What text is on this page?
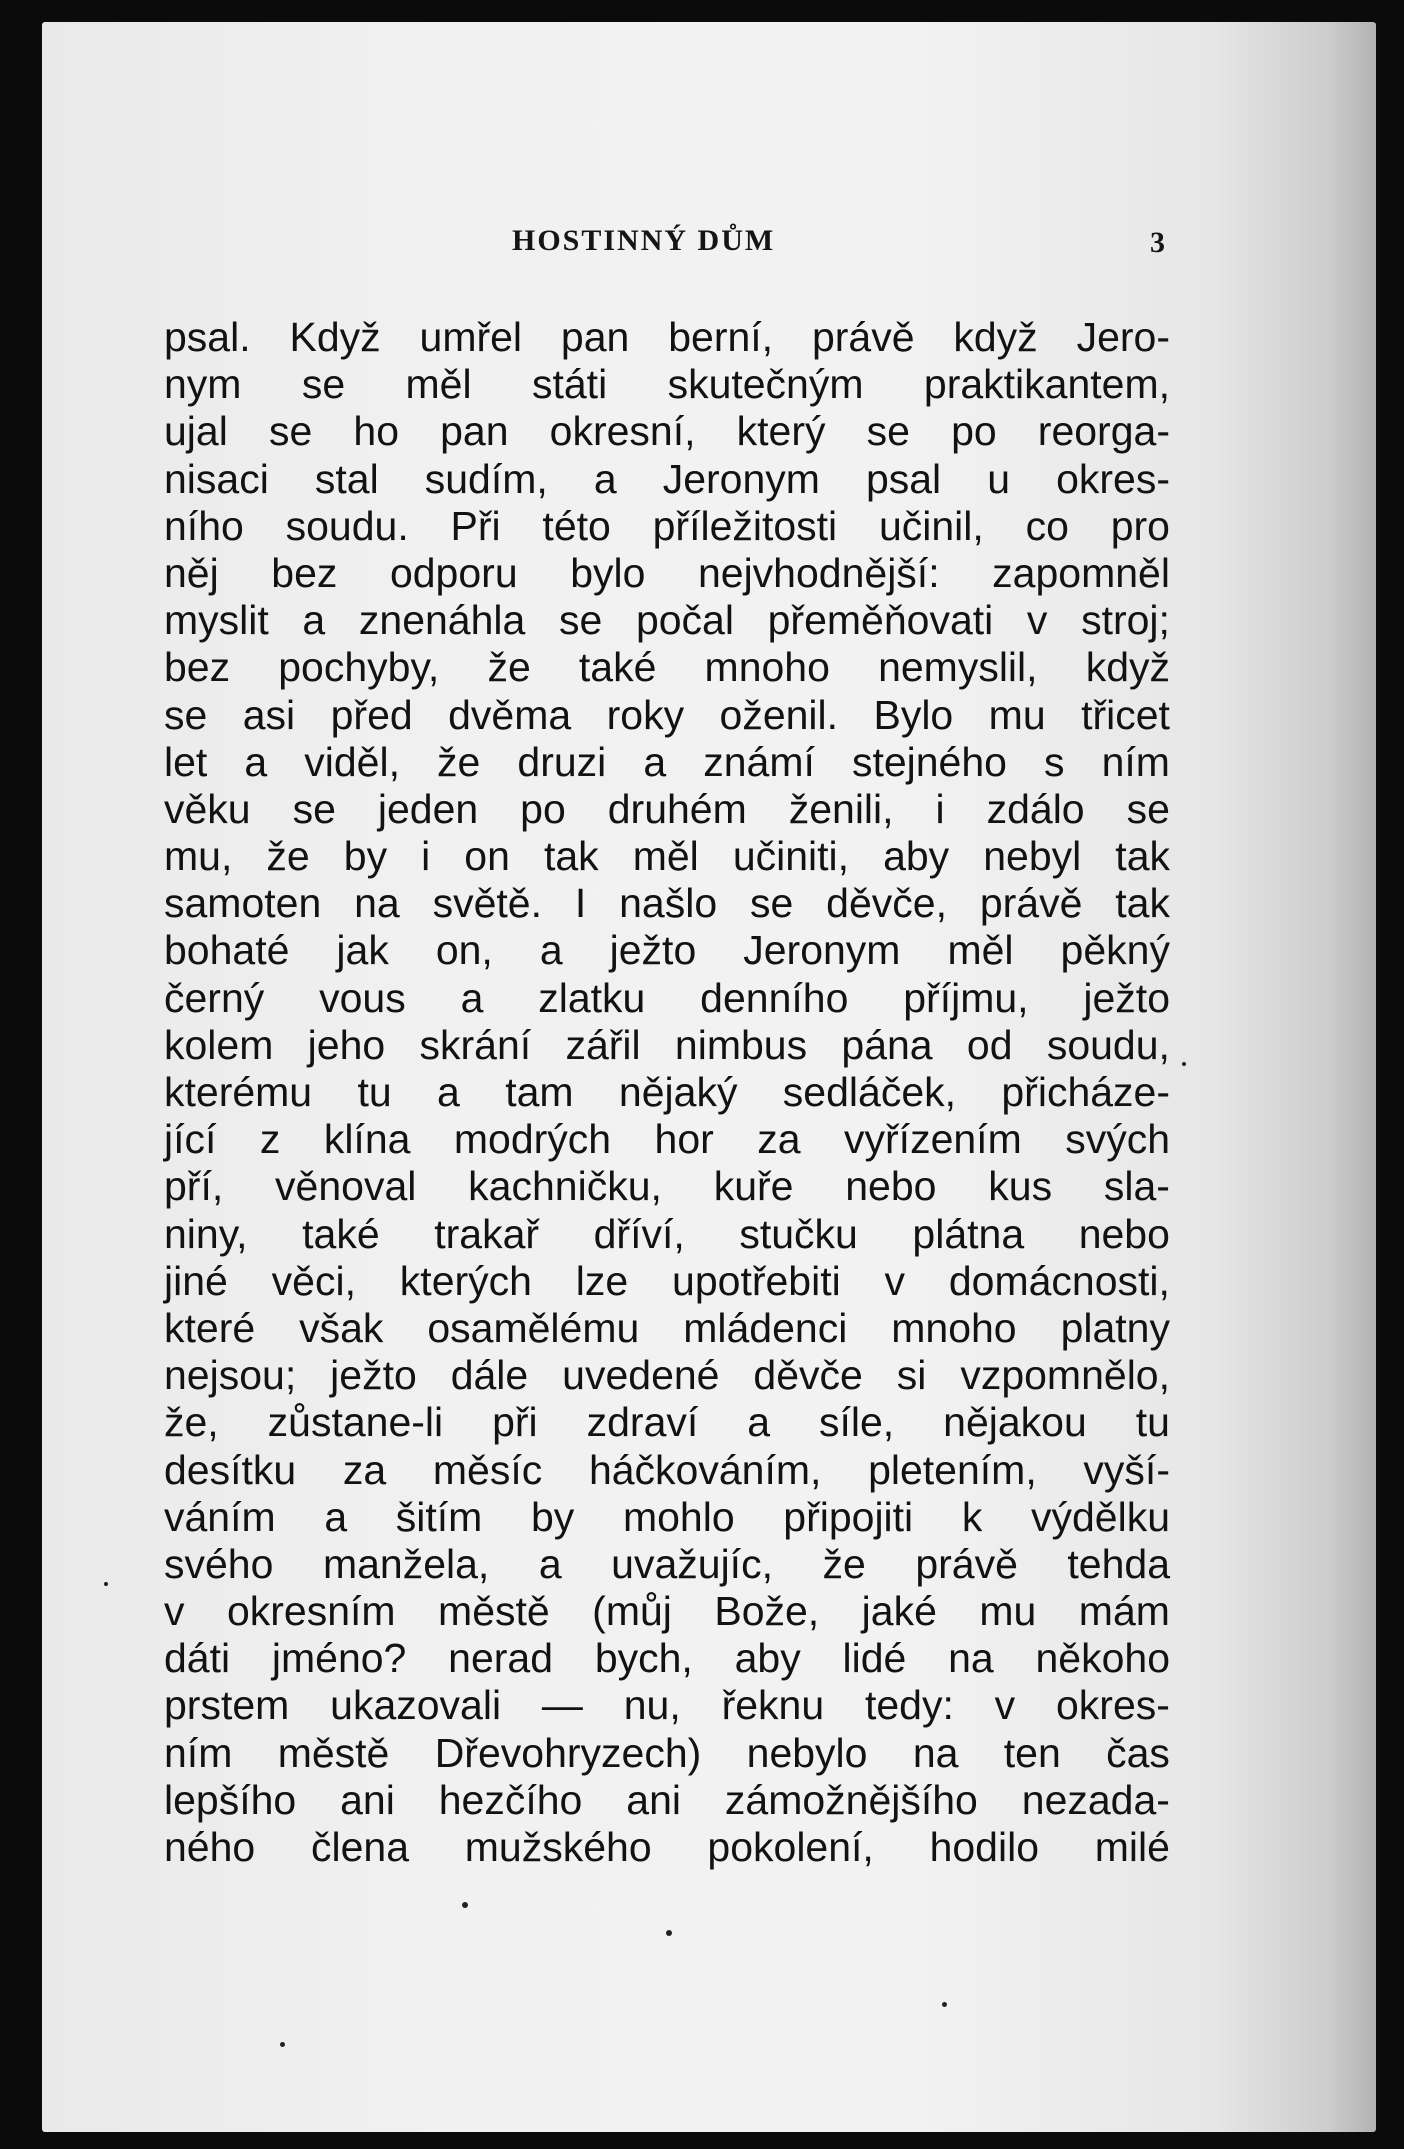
HOSTINNÝ DŮM	3
psal. Když umřel pan berní, právě když Jero-
nym se měl státi skutečným praktikantem,
ujal se ho pan okresní, který se po reorga-
nisaci stal sudím, a Jeronym psal u okres-
ního soudu. Při této příležitosti učinil, co pro
něj bez odporu bylo nejvhodnější: zapomněl
myslit a znenáhla se počal přeměňovati v stroj;
bez pochyby, že také mnoho nemyslil, když
se asi před dvěma roky oženil. Bylo mu třicet
let a viděl, že druzi a známí stejného s ním
věku se jeden po druhém ženili, i zdálo se
mu, že by i on tak měl učiniti, aby nebyl tak
samoten na světě. I našlo se děvče, právě tak
bohaté jak on, a ježto Jeronym měl pěkný
černý vous a zlatku denního příjmu, ježto
kolem jeho skrání zářil nimbus pána od soudu,
kterému tu a tam nějaký sedláček, přicháze-
jící z klína modrých hor za vyřízením svých
pří, věnoval kachničku, kuře nebo kus sla-
niny, také trakař dříví, stučku plátna nebo
jiné věci, kterých lze upotřebiti v domácnosti,
které však osamělému mládenci mnoho platny
nejsou; ježto dále uvedené děvče si vzpomnělo,
že, zůstane-li při zdraví a síle, nějakou tu
desítku za měsíc háčkováním, pletením, vyší-
váním a šitím by mohlo připojiti k výdělku
svého manžela, a uvažujíc, že právě tehda
v okresním městě (můj Bože, jaké mu mám
dáti jméno? nerad bych, aby lidé na někoho
prstem ukazovali — nu, řeknu tedy: v okres-
ním městě Dřevohryzech) nebylo na ten čas
lepšího ani hezčího ani zámožnějšího nezada-
ného člena mužského pokolení, hodilo milé
